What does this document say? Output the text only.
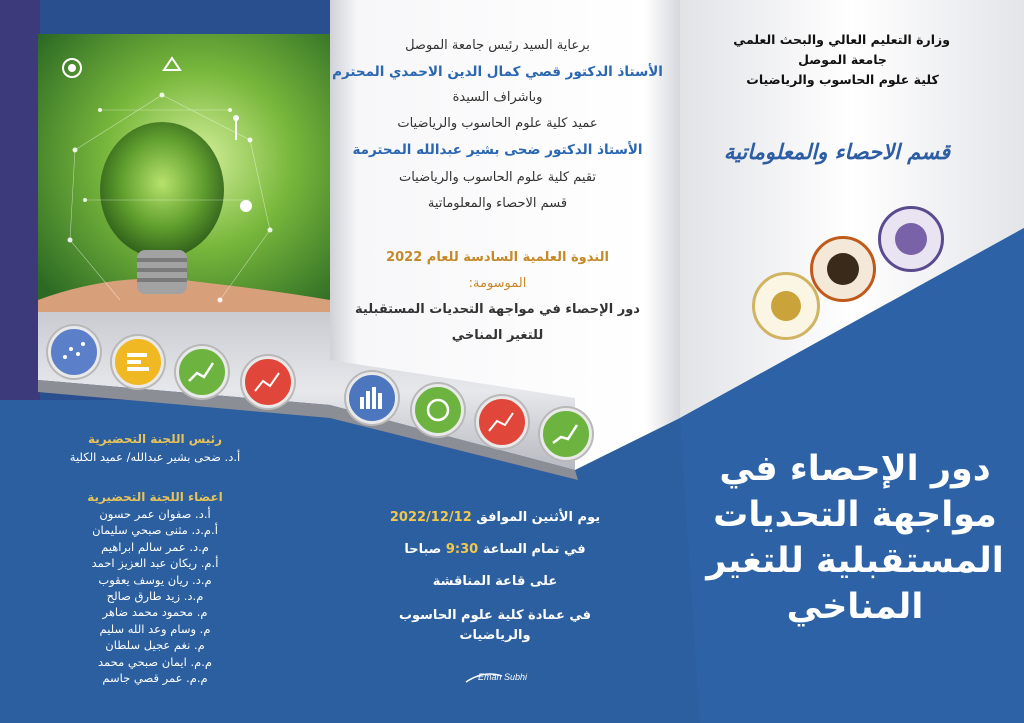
وزارة التعليم العالي والبحث العلمي
جامعة الموصل
كلية علوم الحاسوب والرياضيات
قسم الاحصاء والمعلوماتية
برعاية السيد رئيس جامعة الموصل
الأستاذ الدكتور قصي كمال الدين الاحمدي المحترم
وباشراف السيدة
عميد كلية علوم الحاسوب والرياضيات
الأستاذ الدكتور ضحى بشير عبدالله المحترمة
تقيم كلية علوم الحاسوب والرياضيات
قسم الاحصاء والمعلوماتية
الندوة العلمية السادسة للعام 2022
الموسومة:
دور الإحصاء في مواجهة التحديات المستقبلية
للتغير المناخي
رئيس اللجنة التحضيرية
أ.د. ضحى بشير عبدالله/ عميد الكلية
اعضاء اللجنة التحضيرية
أ.د. صفوان عمر حسون
أ.م.د. مثنى صبحي سليمان
م.د. عمر سالم ابراهيم
أ.م. ريكان عبد العزيز احمد
م.د. ريان يوسف يعقوب
م.د. زيد طارق صالح
م. محمود محمد ضاهر
م. وسام وعد الله سليم
م. نغم عجيل سلطان
م.م. ايمان صبحي محمد
م.م. عمر قصي جاسم
يوم الأثنين الموافق 2022/12/12
في تمام الساعة 9:30 صباحا
على قاعة المناقشة
في عمادة كلية علوم الحاسوب
والرياضيات
Eman Subhi
دور الإحصاء في
مواجهة التحديات
المستقبلية للتغير
المناخي
